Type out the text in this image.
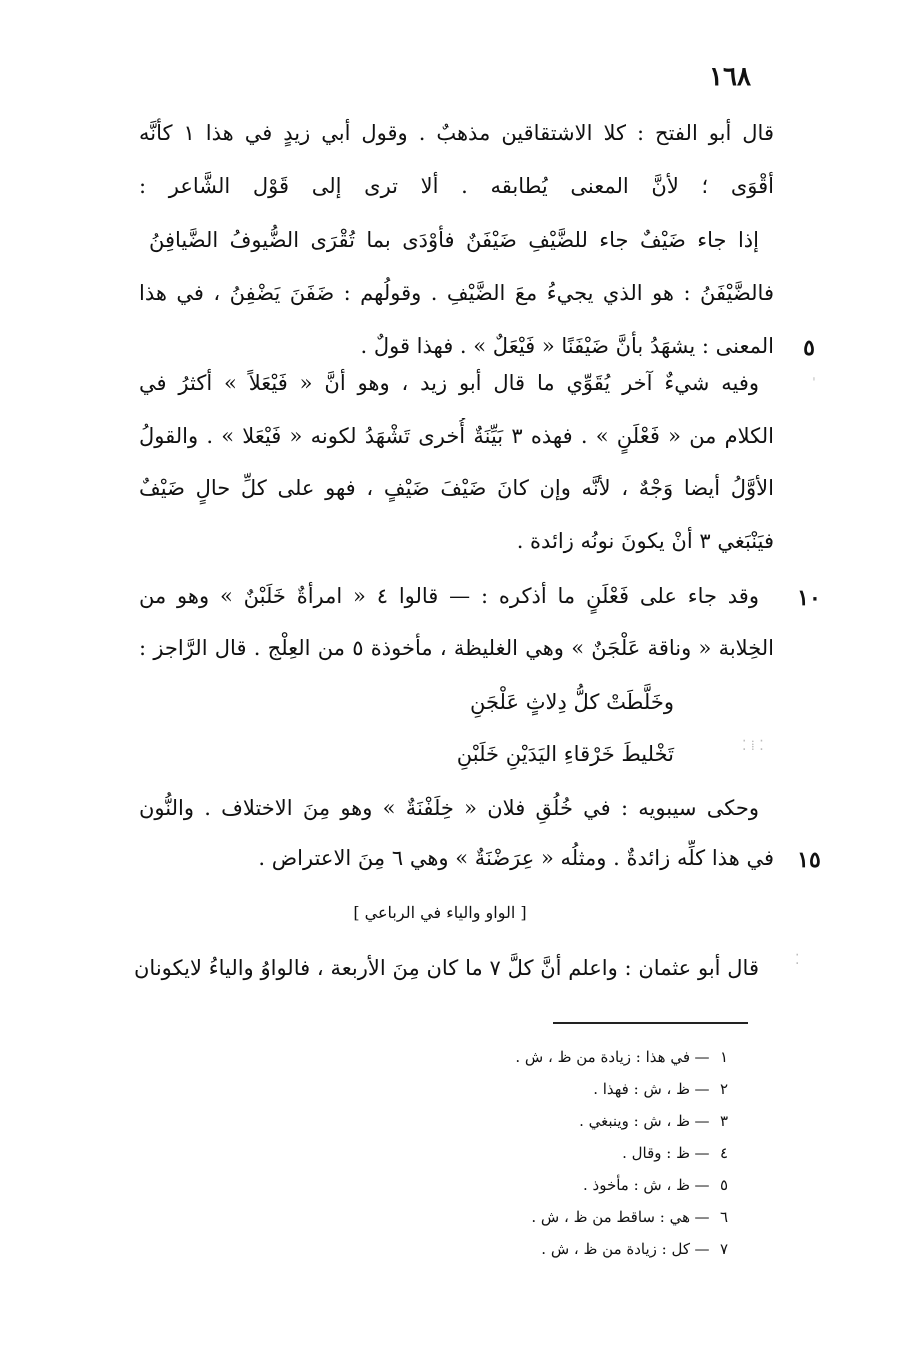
١٦٨
قال أبو الفتح : كلا الاشتقاقين مذهبٌ . وقول أبي زيدٍ في هذا ١ كأنَّه
أقْوَى ؛ لأنَّ المعنى يُطابقه . ألا ترى إلى قَوْل الشَّاعر :
إذا جاء ضَيْفٌ جاء للضَّيْفِ ضَيْفَنٌ فأوْدَى بما تُقْرَى الضُّيوفُ الضَّيافِنُ
فالضَّيْفَنُ : هو الذي يجيءُ معَ الضَّيْفِ . وقولُهم : ضَفَنَ يَضْفِنُ ، في هذا
المعنى : يشهَدُ بأنَّ ضَيْفَنًا « فَيْعَلٌ » . فهذا قولٌ .
وفيه شيءٌ آخر يُقَوِّي ما قال أبو زيد ، وهو أنَّ « فَيْعَلاً » أكثرُ في
الكلام من « فَعْلَنٍ » . فهذه ٣ بَيِّنَةٌ أُخرى تَشْهَدُ لكونه « فَيْعَلا » . والقولُ
الأوَّلُ أيضا وَجْهٌ ، لأنَّه وإن كانَ ضَيْفَ ضَيْفٍ ، فهو على كلِّ حالٍ ضَيْفٌ
فيَنْبَغي ٣ أنْ يكونَ نونُه زائدة .
وقد جاء على فَعْلَنٍ ما أذكره : — قالوا ٤ « امرأةٌ خَلَبْنٌ » وهو من
الخِلابة « وناقة عَلْجَنٌ » وهي الغليظة ، مأخوذة ٥ من العِلْج . قال الرَّاجز :
وخَلَّطَتْ كلُّ دِلاثٍ عَلْجَنِ
تَخْليطَ خَرْقاءِ اليَدَيْنِ خَلَبْنِ
وحكى سيبويه : في خُلُقِ فلان « خِلَفْنَةٌ » وهو مِنَ الاختلاف . والنُّون
في هذا كلِّه زائدةٌ . ومثلُه « عِرَضْنَةٌ » وهي ٦ مِنَ الاعتراض .
[ الواو والياء في الرباعي ]
قال أبو عثمان : واعلم أنَّ كلَّ ٧ ما كان مِنَ الأربعة ، فالواوُ والياءُ لايكونان
٥
١٠
١٥
ˈ
⁚ ⁞ ⁚
⁚
١—في هذا : زيادة من ظ ، ش .
٢—ظ ، ش : فهذا .
٣—ظ ، ش : وينبغي .
٤—ظ : وقال .
٥—ظ ، ش : مأخوذ .
٦—هي : ساقط من ظ ، ش .
٧—كل : زيادة من ظ ، ش .
